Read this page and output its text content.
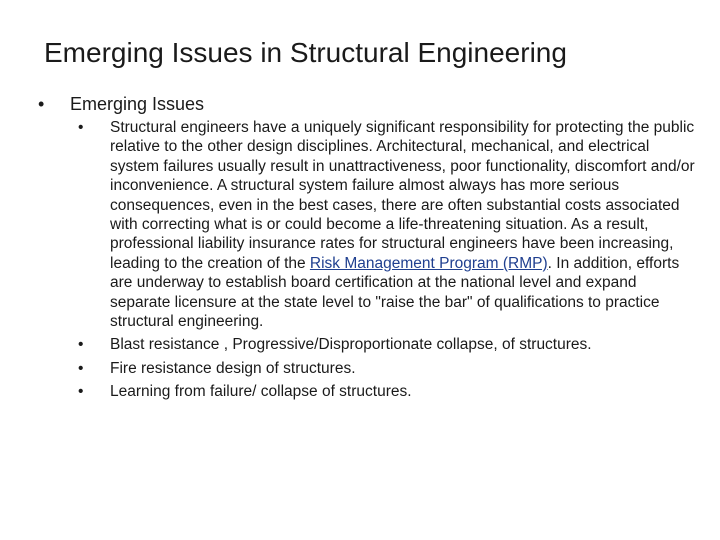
Emerging Issues in Structural Engineering
•	Emerging Issues
•	Structural engineers have a uniquely significant responsibility for protecting the public relative to the other design disciplines. Architectural, mechanical, and electrical system failures usually result in unattractiveness, poor functionality, discomfort and/or inconvenience. A structural system failure almost always has more serious consequences, even in the best cases, there are often substantial costs associated with correcting what is or could become a life-threatening situation. As a result, professional liability insurance rates for structural engineers have been increasing, leading to the creation of the Risk Management Program (RMP). In addition, efforts are underway to establish board certification at the national level and expand separate licensure at the state level to "raise the bar" of qualifications to practice structural engineering.
•	Blast resistance , Progressive/Disproportionate collapse, of structures.
•	Fire resistance design of structures.
•	Learning from failure/ collapse of structures.
